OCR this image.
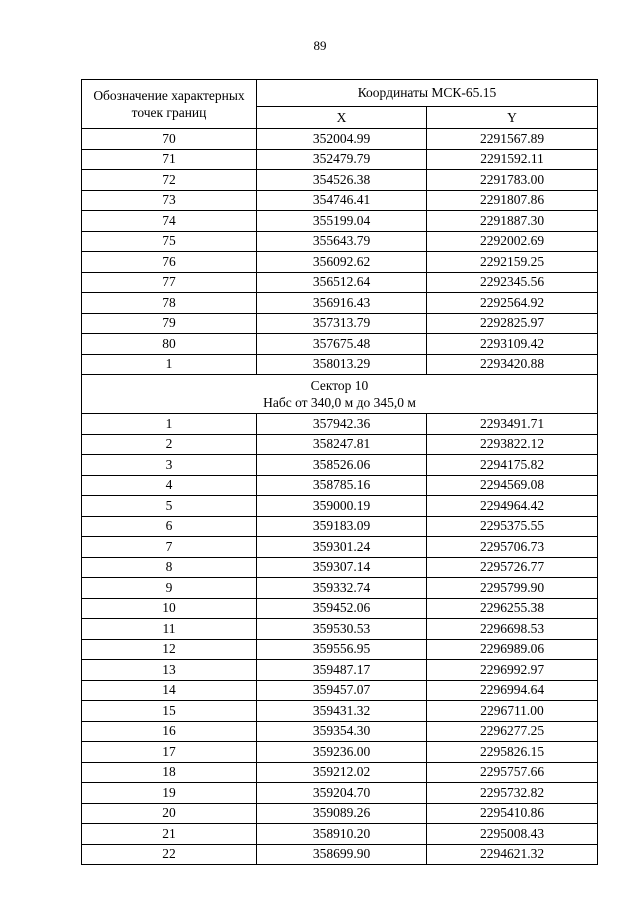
89
Обозначение характерных точек границ	Координаты МСК-65.15	
	X	Y
70	352004.99	2291567.89
71	352479.79	2291592.11
72	354526.38	2291783.00
73	354746.41	2291807.86
74	355199.04	2291887.30
75	355643.79	2292002.69
76	356092.62	2292159.25
77	356512.64	2292345.56
78	356916.43	2292564.92
79	357313.79	2292825.97
80	357675.48	2293109.42
1	358013.29	2293420.88

Сектор 10
Набс от 340,0 м до 345,0 м		

1	357942.36	2293491.71
2	358247.81	2293822.12
3	358526.06	2294175.82
4	358785.16	2294569.08
5	359000.19	2294964.42
6	359183.09	2295375.55
7	359301.24	2295706.73
8	359307.14	2295726.77
9	359332.74	2295799.90
10	359452.06	2296255.38
11	359530.53	2296698.53
12	359556.95	2296989.06
13	359487.17	2296992.97
14	359457.07	2296994.64
15	359431.32	2296711.00
16	359354.30	2296277.25
17	359236.00	2295826.15
18	359212.02	2295757.66
19	359204.70	2295732.82
20	359089.26	2295410.86
21	358910.20	2295008.43
22	358699.90	2294621.32
